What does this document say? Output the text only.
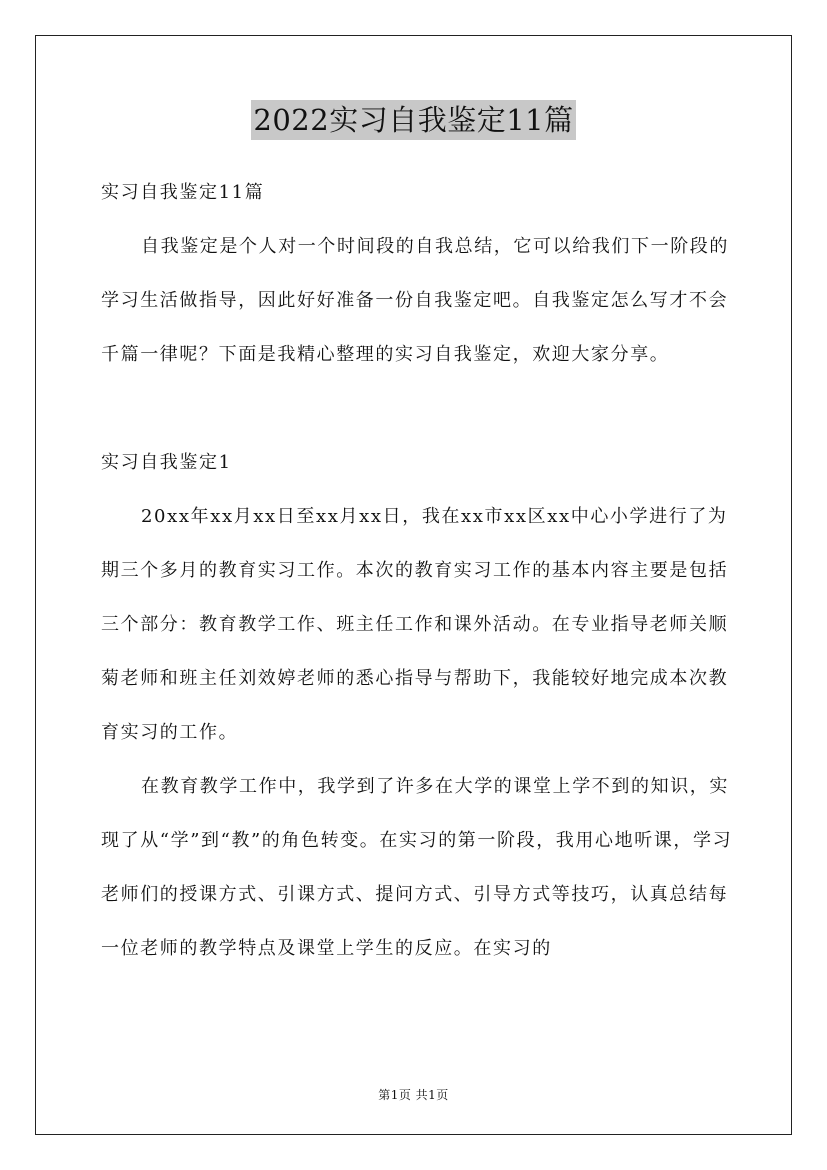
2022实习自我鉴定11篇

实习自我鉴定11篇

自我鉴定是个人对一个时间段的自我总结，它可以给我们下一阶段的学习生活做指导，因此好好准备一份自我鉴定吧。自我鉴定怎么写才不会千篇一律呢？下面是我精心整理的实习自我鉴定，欢迎大家分享。

实习自我鉴定1

20xx年xx月xx日至xx月xx日，我在xx市xx区xx中心小学进行了为期三个多月的教育实习工作。本次的教育实习工作的基本内容主要是包括三个部分：教育教学工作、班主任工作和课外活动。在专业指导老师关顺菊老师和班主任刘效婷老师的悉心指导与帮助下，我能较好地完成本次教育实习的工作。

在教育教学工作中，我学到了许多在大学的课堂上学不到的知识，实现了从“学”到“教”的角色转变。在实习的第一阶段，我用心地听课，学习老师们的授课方式、引课方式、提问方式、引导方式等技巧，认真总结每一位老师的教学特点及课堂上学生的反应。在实习的

第1页 共1页
